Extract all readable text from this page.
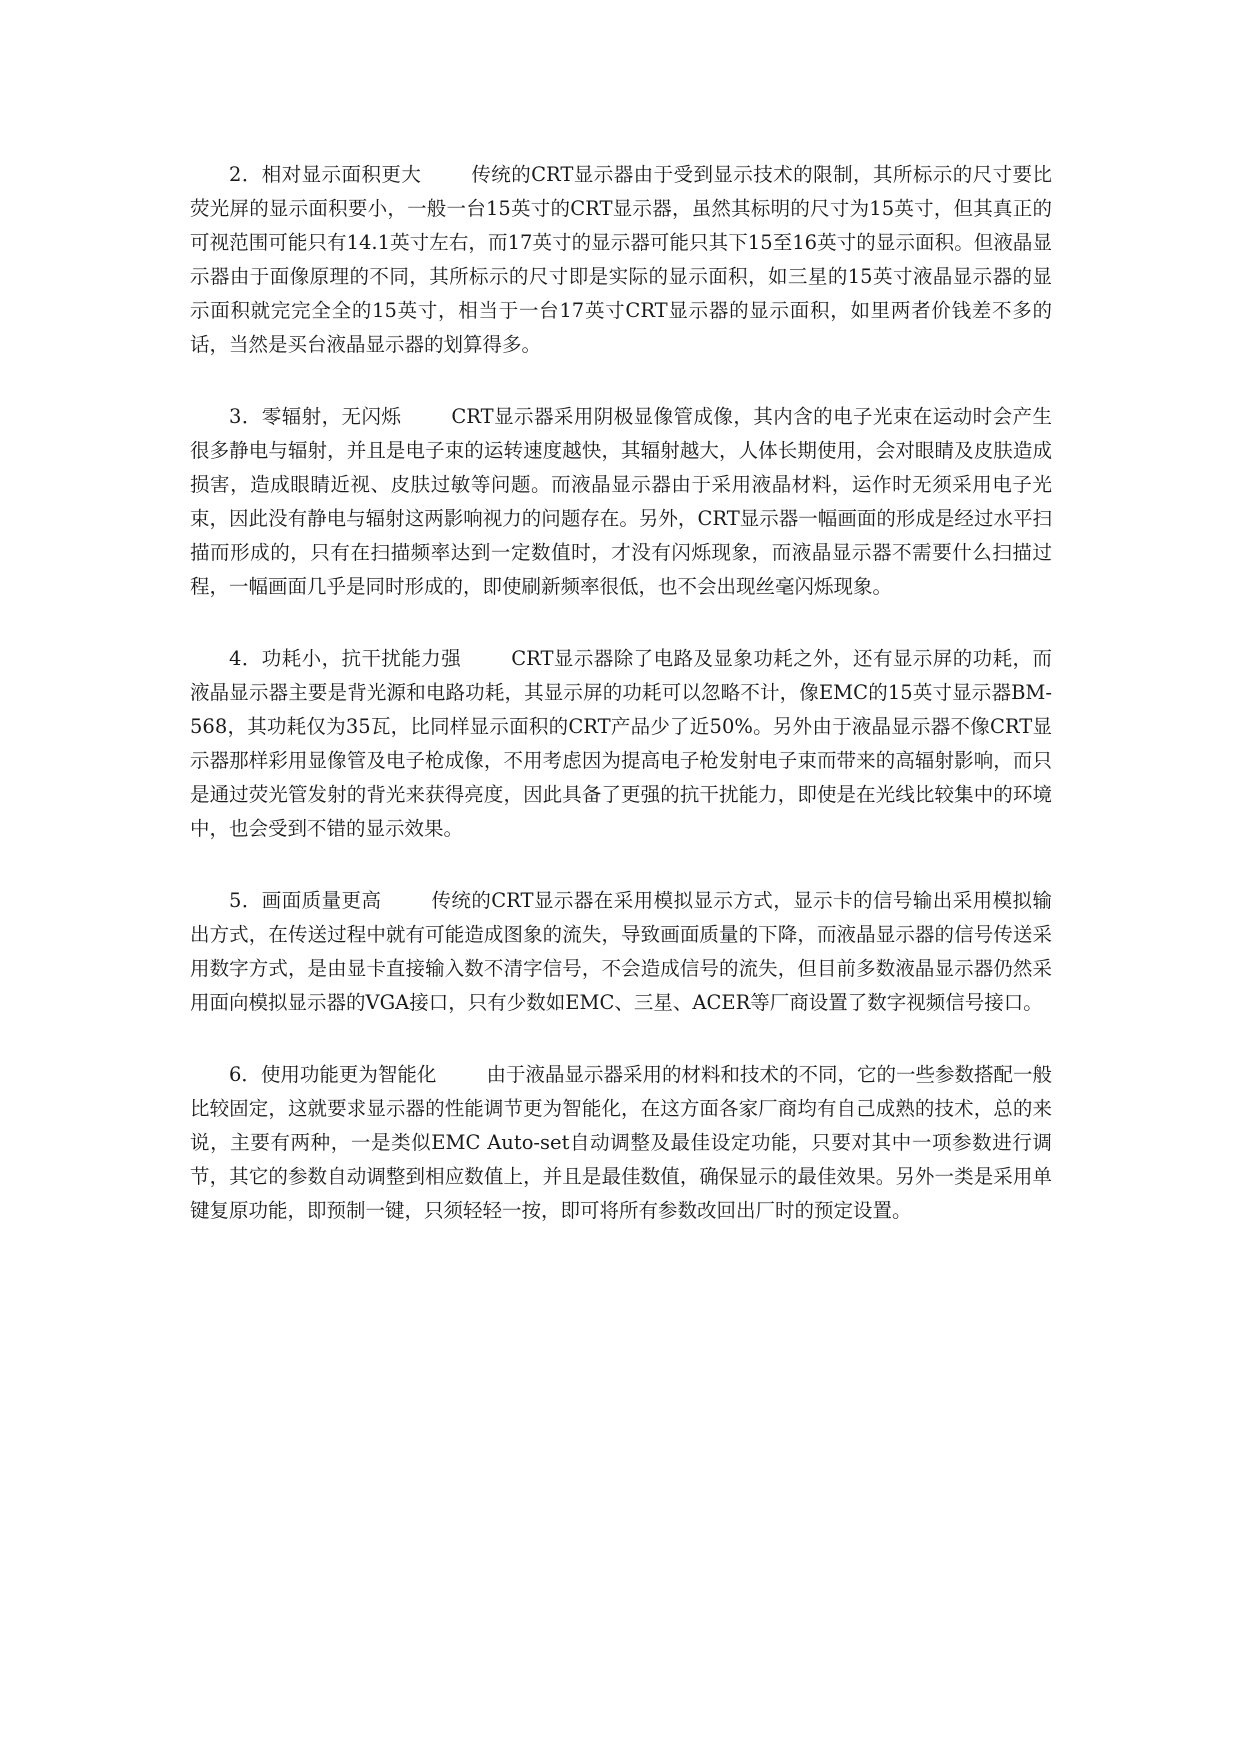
2．相对显示面积更大	传统的CRT显示器由于受到显示技术的限制，其所标示的尺寸要比荧光屏的显示面积要小，一般一台15英寸的CRT显示器，虽然其标明的尺寸为15英寸，但其真正的可视范围可能只有14.1英寸左右，而17英寸的显示器可能只其下15至16英寸的显示面积。但液晶显示器由于面像原理的不同，其所标示的尺寸即是实际的显示面积，如三星的15英寸液晶显示器的显示面积就完完全全的15英寸，相当于一台17英寸CRT显示器的显示面积，如里两者价钱差不多的话，当然是买台液晶显示器的划算得多。

3．零辐射，无闪烁	CRT显示器采用阴极显像管成像，其内含的电子光束在运动时会产生很多静电与辐射，并且是电子束的运转速度越快，其辐射越大，人体长期使用，会对眼睛及皮肤造成损害，造成眼睛近视、皮肤过敏等问题。而液晶显示器由于采用液晶材料，运作时无须采用电子光束，因此没有静电与辐射这两影响视力的问题存在。另外，CRT显示器一幅画面的形成是经过水平扫描而形成的，只有在扫描频率达到一定数值时，才没有闪烁现象，而液晶显示器不需要什么扫描过程，一幅画面几乎是同时形成的，即使刷新频率很低，也不会出现丝毫闪烁现象。

4．功耗小，抗干扰能力强	CRT显示器除了电路及显象功耗之外，还有显示屏的功耗，而液晶显示器主要是背光源和电路功耗，其显示屏的功耗可以忽略不计，像EMC的15英寸显示器BM-568，其功耗仅为35瓦，比同样显示面积的CRT产品少了近50%。另外由于液晶显示器不像CRT显示器那样彩用显像管及电子枪成像，不用考虑因为提高电子枪发射电子束而带来的高辐射影响，而只是通过荧光管发射的背光来获得亮度，因此具备了更强的抗干扰能力，即使是在光线比较集中的环境中，也会受到不错的显示效果。

5．画面质量更高	传统的CRT显示器在采用模拟显示方式，显示卡的信号输出采用模拟输出方式，在传送过程中就有可能造成图象的流失，导致画面质量的下降，而液晶显示器的信号传送采用数字方式，是由显卡直接输入数不清字信号，不会造成信号的流失，但目前多数液晶显示器仍然采用面向模拟显示器的VGA接口，只有少数如EMC、三星、ACER等厂商设置了数字视频信号接口。

6．使用功能更为智能化	由于液晶显示器采用的材料和技术的不同，它的一些参数搭配一般比较固定，这就要求显示器的性能调节更为智能化，在这方面各家厂商均有自己成熟的技术，总的来说，主要有两种，一是类似EMC Auto-set自动调整及最佳设定功能，只要对其中一项参数进行调节，其它的参数自动调整到相应数值上，并且是最佳数值，确保显示的最佳效果。另外一类是采用单键复原功能，即预制一键，只须轻轻一按，即可将所有参数改回出厂时的预定设置。
